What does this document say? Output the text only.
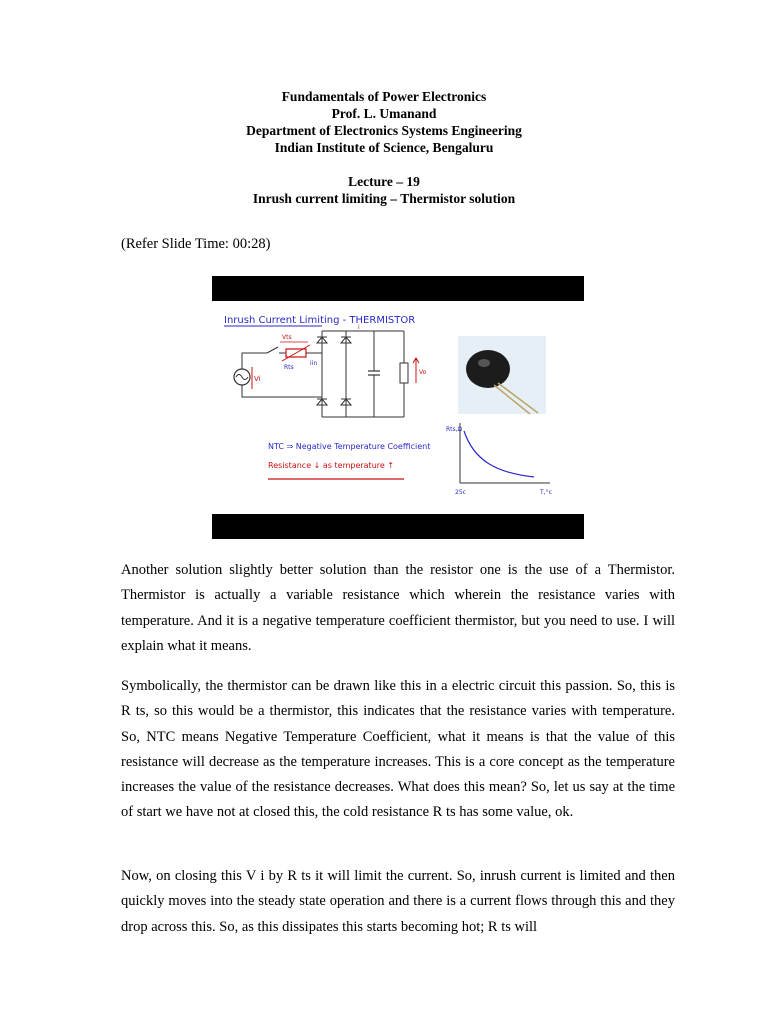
Fundamentals of Power Electronics
Prof. L. Umanand
Department of Electronics Systems Engineering
Indian Institute of Science, Bengaluru
Lecture – 19
Inrush current limiting – Thermistor solution
(Refer Slide Time: 00:28)
Inrush Current Limiting - THERMISTOR
Vi
Vts
Rts
iin
i
Vo
NTC ⇒ Negative Temperature Coefficient
Resistance ↓ as temperature ↑
Rts,Ω
T,°c
25c
Another solution slightly better solution than the resistor one is the use of a Thermistor. Thermistor is actually a variable resistance which wherein the resistance varies with temperature. And it is a negative temperature coefficient thermistor, but you need to use. I will explain what it means.
Symbolically, the thermistor can be drawn like this in a electric circuit this passion. So, this is R ts, so this would be a thermistor, this indicates that the resistance varies with temperature. So, NTC means Negative Temperature Coefficient, what it means is that the value of this resistance will decrease as the temperature increases. This is a core concept as the temperature increases the value of the resistance decreases. What does this mean? So, let us say at the time of start we have not at closed this, the cold resistance R ts has some value, ok.
Now, on closing this V i by R ts it will limit the current. So, inrush current is limited and then quickly moves into the steady state operation and there is a current flows through this and they drop across this. So, as this dissipates this starts becoming hot; R ts will
